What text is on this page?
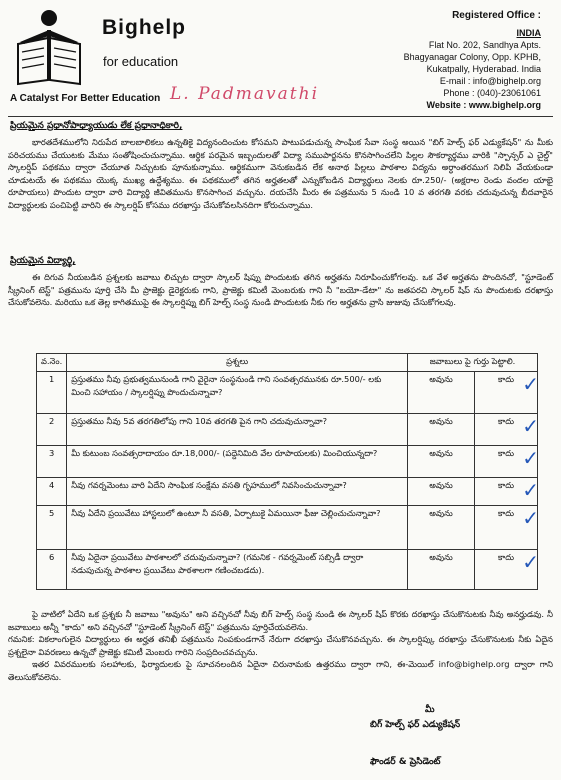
Bighelp
for education
A Catalyst For Better Education L. Padmavathi
Registered Office :
INDIA
Flat No. 202, Sandhya Apts.
Bhagyanagar Colony, Opp. KPHB,
Kukatpally, Hyderabad. India
E-mail : info@bighelp.org
Phone : (040)-23061061
Website : www.bighelp.org
ప్రియమైన ప్రధానోపాధ్యాయుడు లేక ప్రధానాధికారి,

భారతదేశములోని నిరుపేద బాలబాలికలు ఉన్నతికై విద్యనందించుట కోసమని పాటుపడుచున్న సాంఘిక సేవా సంస్థ అయిన "బిగ్ హెల్ప్ ఫర్ ఎడ్యుకేషన్" ను మీకు పరిచయము చేయుటకు మేము సంతోషించుచున్నాము. ఆర్థిక పరమైన ఇబ్బందులతో విద్యా సముపార్జనను కొనసాగించలేని పిల్లల సౌకర్యార్థము వారికి "స్పాన్సర్ ఎ చైల్డ్" స్కాలర్షిప్ పథకము ద్వారా చేయూత నిచ్చుటకు పూనుకున్నాము. ఆర్థికముగా వెనుకబడిన లేక అనాథ పిల్లలు పాఠశాల విద్యను అర్ధాంతరముగ నిలిపి వేయకుండా చూడుటయే ఈ పథకము యొక్క ముఖ్య ఉద్దేశ్యము. ఈ పథకములో తగిన అర్హతలతో ఎన్నుకోబడిన విద్యార్థులు నెలకు రూ.250/- (అక్షరాల రెండు వందల యాభై రూపాయలు) పొందుట ద్వారా వారి విద్యార్థి జీవితమును కొనసాగించ వచ్చును. దయచేసి మీరు ఈ పత్రమును 5 నుండి 10 వ తరగతి వరకు చదువుచున్న బీదవారైన విద్యార్థులకు పంచిపెట్టి వారిని ఈ స్కాలర్షిప్ కోసము దరఖాస్తు చేసుకోవలసినదిగా కోరుచున్నాము.

ప్రియమైన విద్యార్థి,

ఈ దిగువ నీయబడిన ప్రశ్నలకు జవాబు లిచ్చుట ద్వారా స్కాలర్ షిప్ను పొందుటకు తగిన అర్హతను నిరూపించుకోగలవు. ఒక వేళ అర్హతను పొందినచో, "స్టూడెంట్ స్క్రీనింగ్ టెస్ట్" పత్రమును పూర్తి చేసి మీ ప్రాజెక్టు డైరెక్టరుకు గాని, ప్రాజెక్టు కమిటీ మెంబరుకు గాని నీ "బయో-డేటా" ను జతపరచి స్కాలర్ షిప్ ను పొందుటకు దరఖాస్తు చేసుకోవలెను. మరియు ఒక తెల్ల కాగితముపై ఈ స్కాలర్షిప్ను బిగ్ హెల్ప్ సంస్థ నుండి పొందుటకు నీకు గల అర్హతను వ్రాసి జుజువు చేసుకోగలవు.

వ.నెం.	ప్రశ్నలు	జవాబులు పై గుర్తు పెట్టాలి.	
1	ప్రస్తుతము నీవు ప్రభుత్వమునుండి గాని వైరైనా సంస్థనుండి గాని సంవత్సరమునకు రూ.500/- లకు మించి సహాయం / స్కాలర్షిప్ను పొందుచున్నావా?	అవును	కాదు ✓

2	ప్రస్తుతము నీవు 5వ తరగతిలోపు గాని 10వ తరగతి పైన గాని చదువుచున్నావా?	అవును	కాదు ✓

3	మీ కుటుంబ సంవత్సరాదాయం రూ.18,000/- (పద్దెనిమిది వేల రూపాయలకు) మించియున్నదా?	అవును	కాదు ✓

4	నీవు గవర్నమెంటు వారి ఏదేని సాంఘిక సంక్షేమ వసతి గృహములో నివసించుచున్నావా?	అవును	కాదు ✓

5	నీవు ఏదేని ప్రయివేటు హాస్టలులో ఉంటూ నీ వసతి, ఏర్పాటుకై ఏమయినా ఫీజు చెల్లించుచున్నావా?	అవును	కాదు ✓

6	నీవు ఏదైనా ప్రయివేటు పాఠశాలలో చదువుచున్నావా? (గమనిక - గవర్నమెంట్ సబ్సిడీ ద్వారా నడుపుచున్న పాఠశాల ప్రయివేటు పాఠశాలగా గణించబడదు).	అవును	కాదు ✓

పై వాటిలో ఏదేని ఒక ప్రశ్నకు నీ జవాబు "అవును" అని వచ్చినచో నీవు బిగ్ హెల్ప్ సంస్థ నుండి ఈ స్కాలర్ షిప్ కొరకు దరఖాస్తు చేసుకొనుటకు నీవు అనర్హుడవు. నీ జవాబులు అన్నీ "కాదు" అని వచ్చినచో "స్టూడెంట్ స్క్రీనింగ్ టెస్ట్" పత్రమును పూర్తిచేయవలెను.

గమనిక: వికలాంగులైన విద్యార్థులు ఈ అర్హత తనిఖీ పత్రమును నింపకుండగానే నేరుగా దరఖాస్తు చేసుకొనవచ్చును. ఈ స్కాలర్షిప్కు దరఖాస్తు చేసుకొనుటకు నీకు ఏదైన ప్రశ్నలైనా వివరణలు ఉన్నచో ప్రాజెక్టు కమిటీ మెంబరు గారిని సంప్రదించవచ్చును.

ఇతర వివరములకు సలహాలకు, ఫిర్యాదులకు పై సూచనలందిన ఏదైనా చిరునామకు ఉత్తరము ద్వారా గాని, ఈ-మెయిల్ info@bighelp.org ద్వారా గాని తెలుసుకోవలెను.

మీ
బిగ్ హెల్ప్ ఫర్ ఎడ్యుకేషన్
ఫౌండర్ & ప్రెసిడెంట్
